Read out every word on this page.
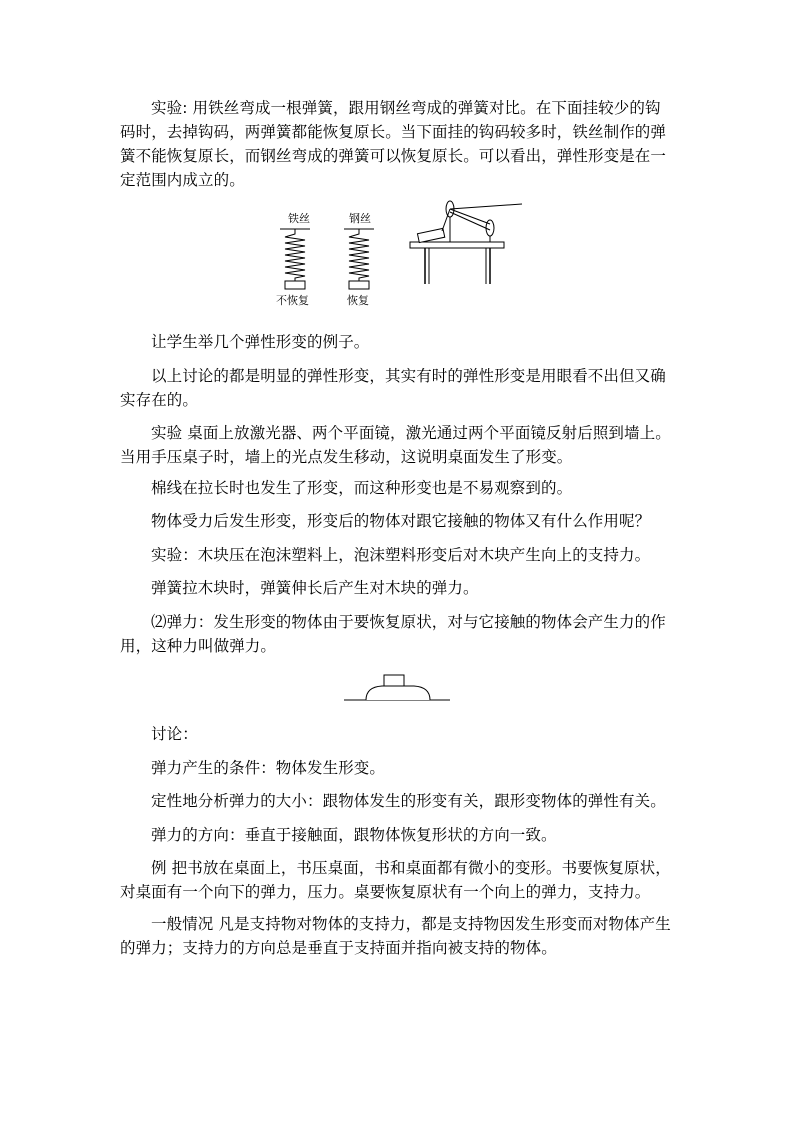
实验: 用铁丝弯成一根弹簧，跟用钢丝弯成的弹簧对比。在下面挂较少的钩码时，去掉钩码，两弹簧都能恢复原长。当下面挂的钩码较多时，铁丝制作的弹簧不能恢复原长，而钢丝弯成的弹簧可以恢复原长。可以看出，弹性形变是在一定范围内成立的。

铁丝
不恢复
钢丝
恢复

让学生举几个弹性形变的例子。

以上讨论的都是明显的弹性形变，其实有时的弹性形变是用眼看不出但又确实存在的。

实验 桌面上放激光器、两个平面镜，激光通过两个平面镜反射后照到墙上。当用手压桌子时，墙上的光点发生移动，这说明桌面发生了形变。

棉线在拉长时也发生了形变，而这种形变也是不易观察到的。

物体受力后发生形变，形变后的物体对跟它接触的物体又有什么作用呢？

实验：木块压在泡沫塑料上，泡沫塑料形变后对木块产生向上的支持力。

弹簧拉木块时，弹簧伸长后产生对木块的弹力。

⑵弹力：发生形变的物体由于要恢复原状，对与它接触的物体会产生力的作用，这种力叫做弹力。

讨论：

弹力产生的条件：物体发生形变。

定性地分析弹力的大小：跟物体发生的形变有关，跟形变物体的弹性有关。

弹力的方向：垂直于接触面，跟物体恢复形状的方向一致。

例 把书放在桌面上，书压桌面，书和桌面都有微小的变形。书要恢复原状，对桌面有一个向下的弹力，压力。桌要恢复原状有一个向上的弹力，支持力。

一般情况 凡是支持物对物体的支持力，都是支持物因发生形变而对物体产生的弹力；支持力的方向总是垂直于支持面并指向被支持的物体。
